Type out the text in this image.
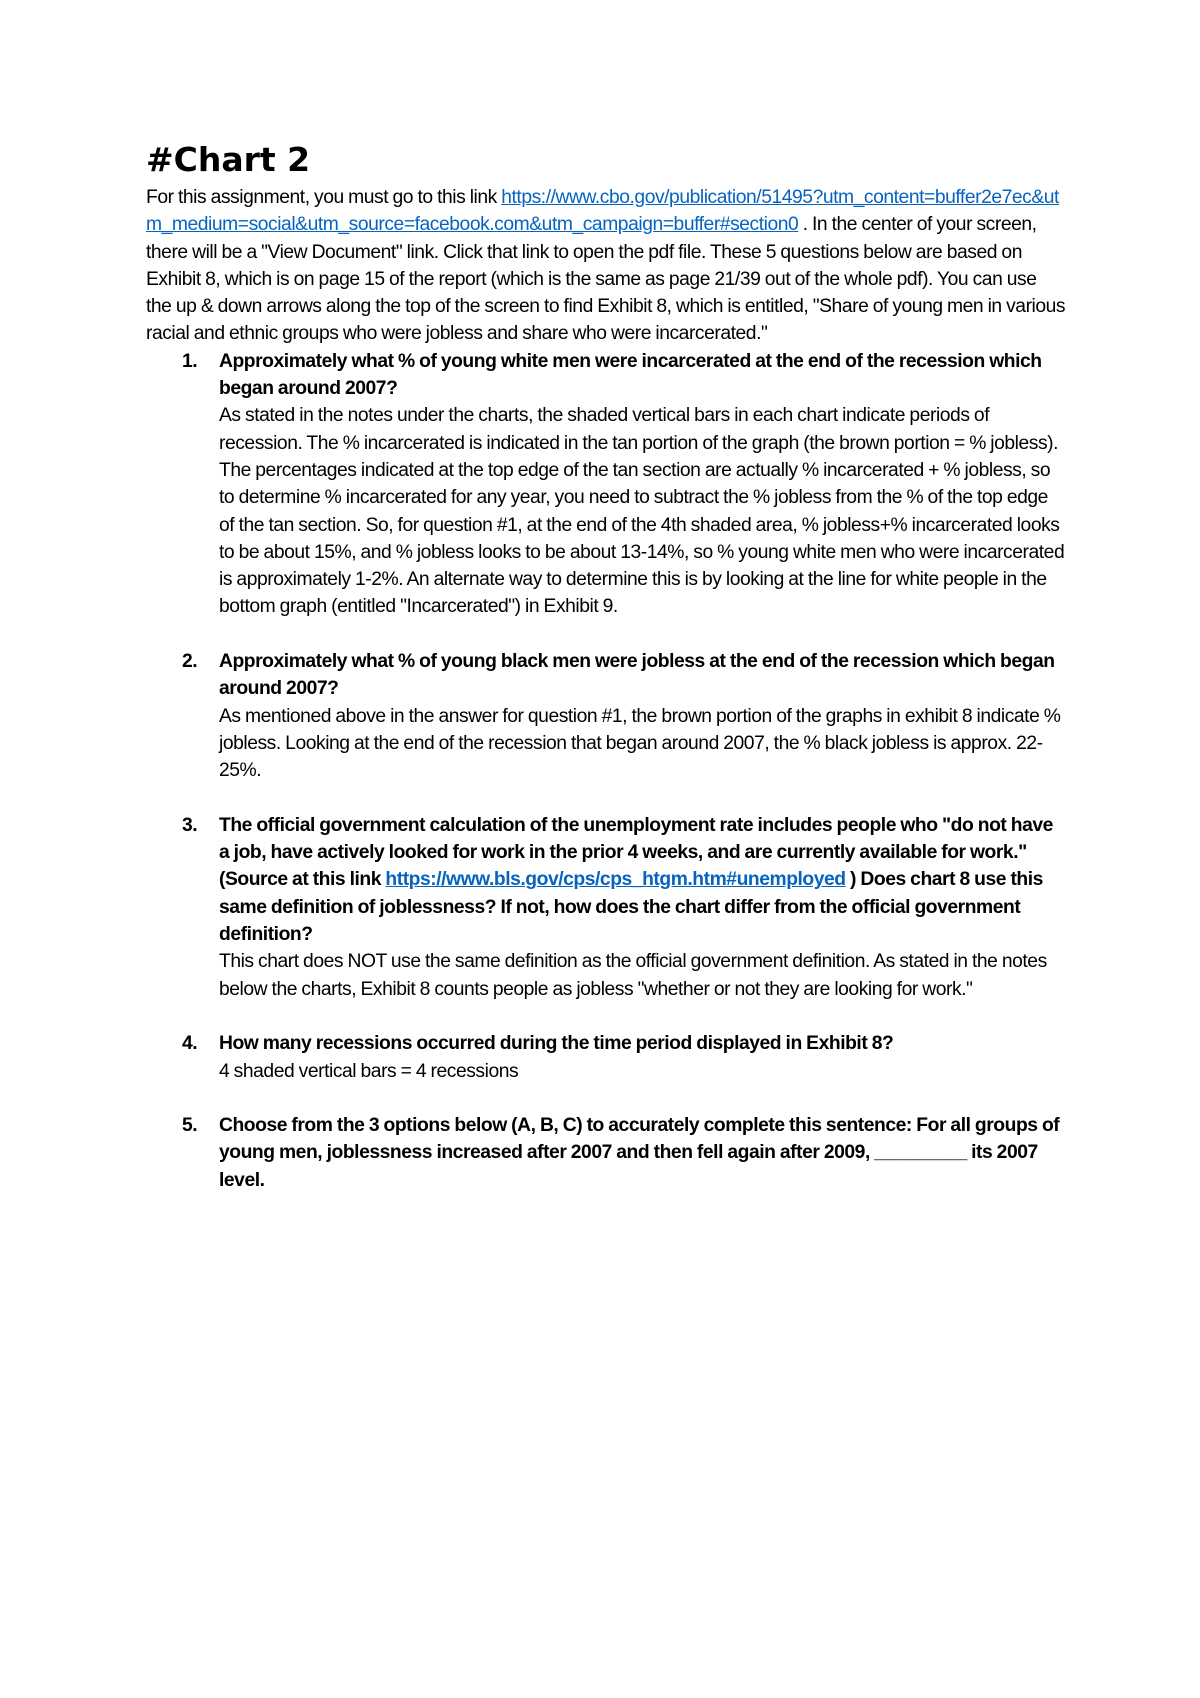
#Chart 2

For this assignment, you must go to this link https://www.cbo.gov/publication/51495?utm_content=buffer2e7ec&utm_medium=social&utm_source=facebook.com&utm_campaign=buffer#section0 . In the center of your screen, there will be a "View Document" link. Click that link to open the pdf file. These 5 questions below are based on Exhibit 8, which is on page 15 of the report (which is the same as page 21/39 out of the whole pdf). You can use the up & down arrows along the top of the screen to find Exhibit 8, which is entitled, "Share of young men in various racial and ethnic groups who were jobless and share who were incarcerated."

1. Approximately what % of young white men were incarcerated at the end of the recession which began around 2007?
As stated in the notes under the charts, the shaded vertical bars in each chart indicate periods of recession. The % incarcerated is indicated in the tan portion of the graph (the brown portion = % jobless). The percentages indicated at the top edge of the tan section are actually % incarcerated + % jobless, so to determine % incarcerated for any year, you need to subtract the % jobless from the % of the top edge of the tan section. So, for question #1, at the end of the 4th shaded area, % jobless+% incarcerated looks to be about 15%, and % jobless looks to be about 13-14%, so % young white men who were incarcerated is approximately 1-2%. An alternate way to determine this is by looking at the line for white people in the bottom graph (entitled "Incarcerated") in Exhibit 9.
2. Approximately what % of young black men were jobless at the end of the recession which began around 2007?
As mentioned above in the answer for question #1, the brown portion of the graphs in exhibit 8 indicate % jobless. Looking at the end of the recession that began around 2007, the % black jobless is approx. 22-25%.
3. The official government calculation of the unemployment rate includes people who "do not have a job, have actively looked for work in the prior 4 weeks, and are currently available for work." (Source at this link https://www.bls.gov/cps/cps_htgm.htm#unemployed ) Does chart 8 use this same definition of joblessness? If not, how does the chart differ from the official government definition?
This chart does NOT use the same definition as the official government definition. As stated in the notes below the charts, Exhibit 8 counts people as jobless "whether or not they are looking for work."
4. How many recessions occurred during the time period displayed in Exhibit 8?
4 shaded vertical bars = 4 recessions
5. Choose from the 3 options below (A, B, C) to accurately complete this sentence: For all groups of young men, joblessness increased after 2007 and then fell again after 2009, _________ its 2007 level.
